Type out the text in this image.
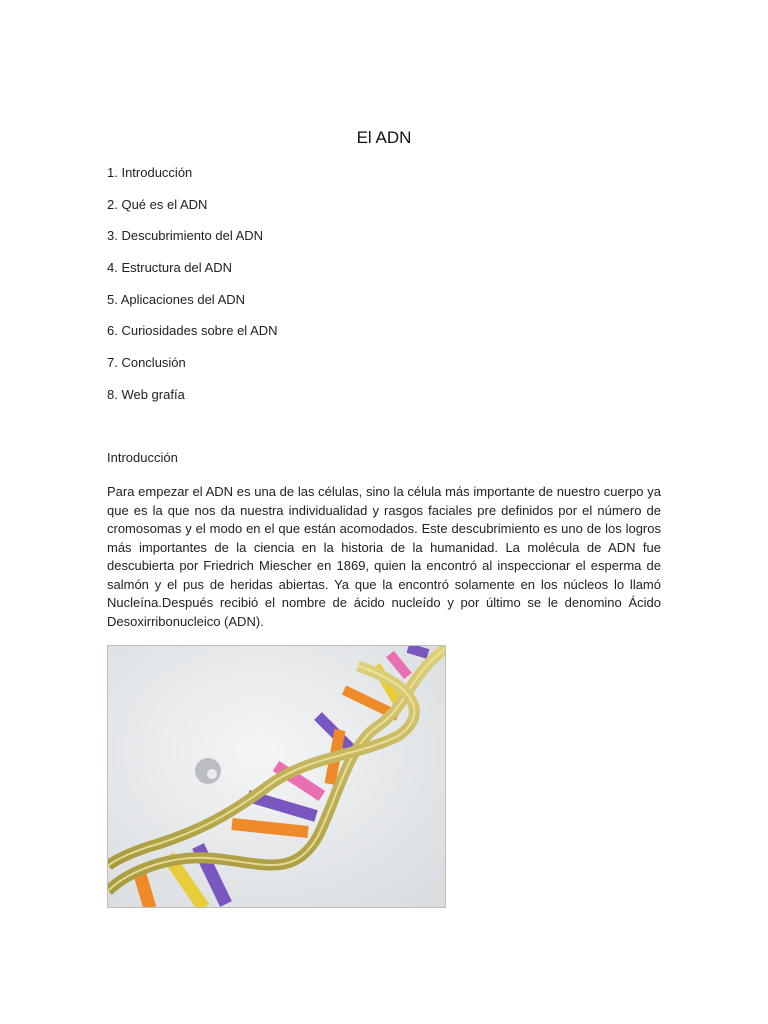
El ADN
1. Introducción
2. Qué es el ADN
3. Descubrimiento del ADN
4. Estructura del ADN
5. Aplicaciones del ADN
6. Curiosidades sobre el ADN
7. Conclusión
8. Web grafía
Introducción

Para empezar el ADN es una de las células, sino la célula más importante de nuestro cuerpo ya que es la que nos da nuestra individualidad y rasgos faciales pre definidos por el número de cromosomas y el modo en el que están acomodados. Este descubrimiento es uno de los logros más importantes de la ciencia en la historia de la humanidad. La molécula de ADN fue descubierta por Friedrich Miescher en 1869, quien la encontró al inspeccionar el esperma de salmón y el pus de heridas abiertas. Ya que la encontró solamente en los núcleos lo llamó Nucleína.Después recibió el nombre de ácido nucleído y por último se le denomino Ácido Desoxirribonucleico (ADN).
